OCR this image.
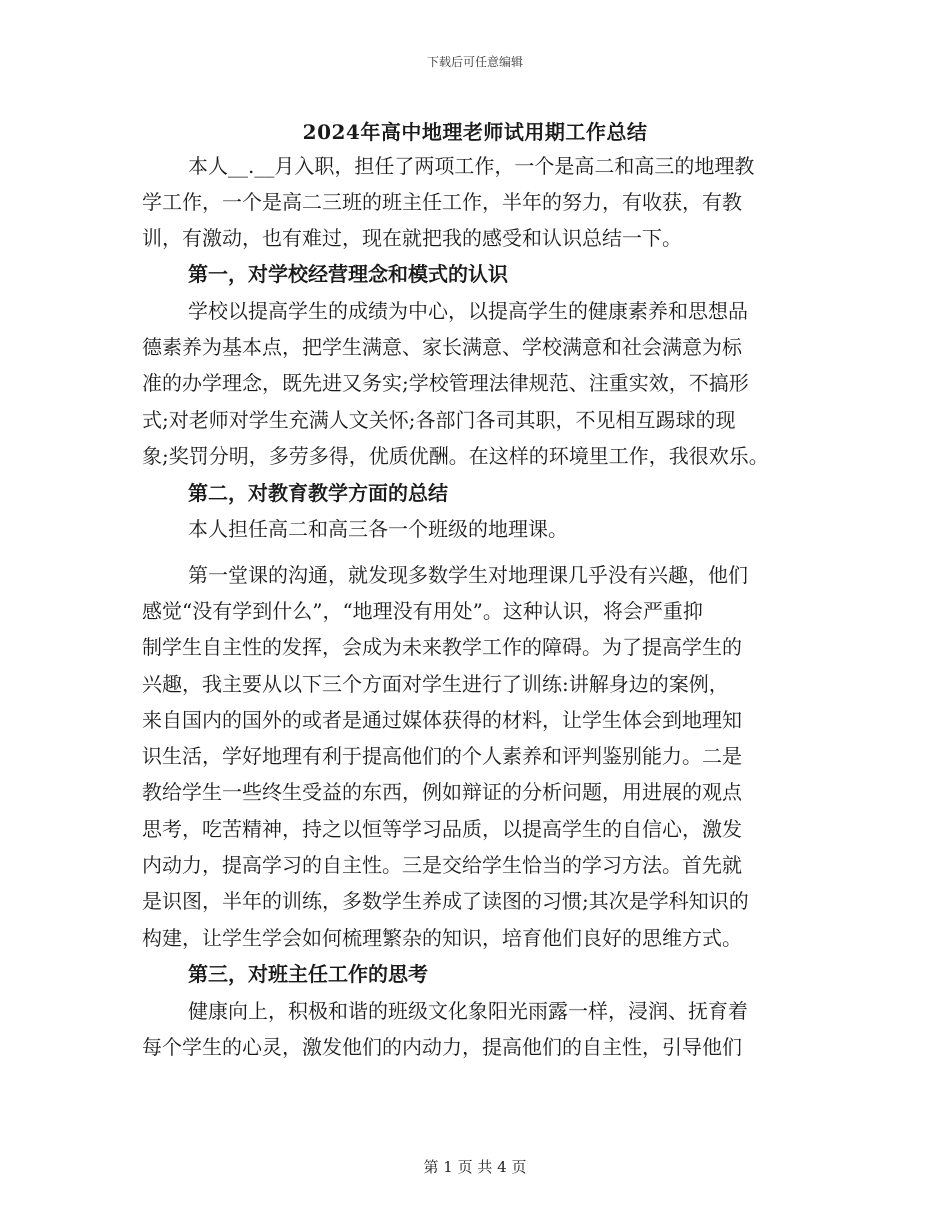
下载后可任意编辑
2024年高中地理老师试用期工作总结
本人__.__月入职，担任了两项工作，一个是高二和高三的地理教
学工作，一个是高二三班的班主任工作，半年的努力，有收获，有教
训，有激动，也有难过，现在就把我的感受和认识总结一下。
第一，对学校经营理念和模式的认识
学校以提高学生的成绩为中心，以提高学生的健康素养和思想品
德素养为基本点，把学生满意、家长满意、学校满意和社会满意为标
准的办学理念，既先进又务实;学校管理法律规范、注重实效，不搞形
式;对老师对学生充满人文关怀;各部门各司其职，不见相互踢球的现
象;奖罚分明，多劳多得，优质优酬。在这样的环境里工作，我很欢乐。
第二，对教育教学方面的总结
本人担任高二和高三各一个班级的地理课。
第一堂课的沟通，就发现多数学生对地理课几乎没有兴趣，他们
感觉“没有学到什么”，“地理没有用处”。这种认识，将会严重抑
制学生自主性的发挥，会成为未来教学工作的障碍。为了提高学生的
兴趣，我主要从以下三个方面对学生进行了训练:讲解身边的案例，
来自国内的国外的或者是通过媒体获得的材料，让学生体会到地理知
识生活，学好地理有利于提高他们的个人素养和评判鉴别能力。二是
教给学生一些终生受益的东西，例如辩证的分析问题，用进展的观点
思考，吃苦精神，持之以恒等学习品质，以提高学生的自信心，激发
内动力，提高学习的自主性。三是交给学生恰当的学习方法。首先就
是识图，半年的训练，多数学生养成了读图的习惯;其次是学科知识的
构建，让学生学会如何梳理繁杂的知识，培育他们良好的思维方式。
第三，对班主任工作的思考
健康向上，积极和谐的班级文化象阳光雨露一样，浸润、抚育着
每个学生的心灵，激发他们的内动力，提高他们的自主性，引导他们
第 1 页 共 4 页
